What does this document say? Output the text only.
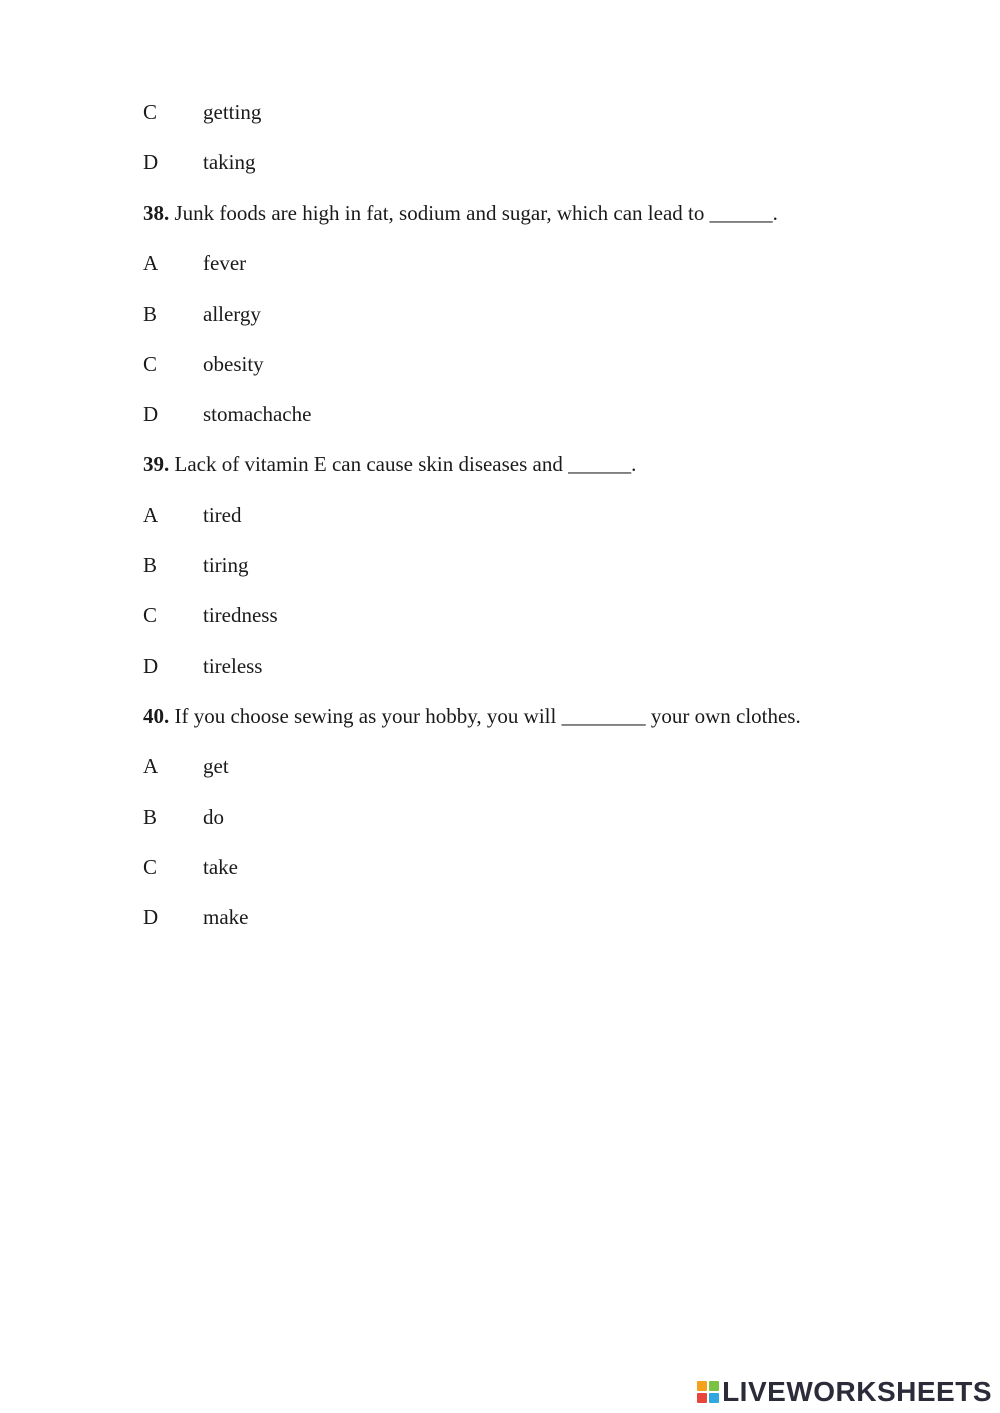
C getting
D taking
38. Junk foods are high in fat, sodium and sugar, which can lead to ______.
A fever
B allergy
C obesity
D stomachache
39. Lack of vitamin E can cause skin diseases and ______.
A tired
B tiring
C tiredness
D tireless
40. If you choose sewing as your hobby, you will ________ your own clothes.
A get
B do
C take
D make
LIVEWORKSHEETS
